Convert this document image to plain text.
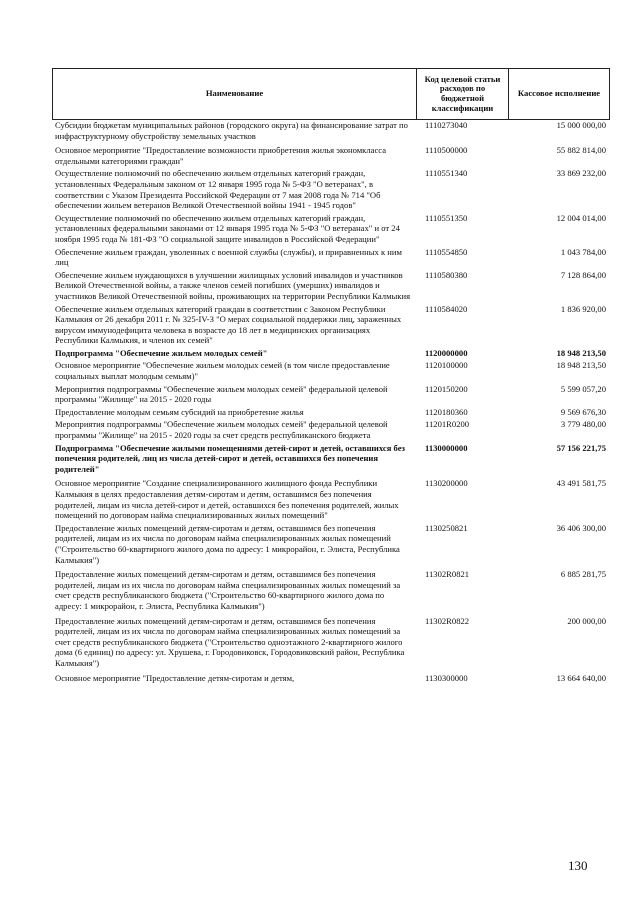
Наименование
Код целевой статьи расходов по бюджетной классификации
Кассовое исполнение
Субсидии бюджетам муниципальных районов (городского округа) на финансирование затрат по инфраструктурному обустройству земельных участков
1110273040	15 000 000,00
Основное мероприятие "Предоставление возможности приобретения жилья экономкласса отдельными категориями граждан"
1110500000	55 882 814,00
Осуществление полномочий по обеспечению жильем отдельных категорий граждан, установленных Федеральным законом от 12 января 1995 года № 5-ФЗ "О ветеранах", в соответствии с Указом Президента Российской Федерации от 7 мая 2008 года № 714 "Об обеспечении жильем ветеранов Великой Отечественной войны 1941 - 1945 годов"
1110551340	33 869 232,00
Осуществление полномочий по обеспечению жильем отдельных категорий граждан, установленных федеральными законами от 12 января 1995 года № 5-ФЗ "О ветеранах" и от 24 ноября 1995 года № 181-ФЗ "О социальной защите инвалидов в Российской Федерации"
1110551350	12 004 014,00
Обеспечение жильем граждан, уволенных с военной службы (службы), и приравненных к ним лиц
1110554850	1 043 784,00
Обеспечение жильем нуждающихся в улучшении жилищных условий инвалидов и участников Великой Отечественной войны, а также членов семей погибших (умерших) инвалидов и участников Великой Отечественной войны, проживающих на территории Республики Калмыкия
1110580380	7 128 864,00
Обеспечение жильем отдельных категорий граждан в соответствии с Законом Республики Калмыкия от 26 декабря 2011 г. № 325-IV-З "О мерах социальной поддержки лиц, зараженных вирусом иммунодефицита человека в возрасте до 18 лет в медицинских организациях Республики Калмыкия, и членов их семей"
1110584020	1 836 920,00
Подпрограмма "Обеспечение жильем молодых семей"	1120000000	18 948 213,50
Основное мероприятие "Обеспечение жильем молодых семей (в том числе предоставление социальных выплат молодым семьям)"
1120100000	18 948 213,50
Мероприятия подпрограммы "Обеспечение жильем молодых семей" федеральной целевой программы "Жилище" на 2015 - 2020 годы
1120150200	5 599 057,20
Предоставление молодым семьям субсидий на приобретение жилья	1120180360	9 569 676,30
Мероприятия подпрограммы "Обеспечение жильем молодых семей" федеральной целевой программы "Жилище" на 2015 - 2020 годы за счет средств республиканского бюджета
11201R0200	3 779 480,00
Подпрограмма "Обеспечение жилыми помещениями детей-сирот и детей, оставшихся без попечения родителей, лиц из числа детей-сирот и детей, оставшихся без попечения родителей"
1130000000	57 156 221,75
Основное мероприятие "Создание специализированного жилищного фонда Республики Калмыкия в целях предоставления детям-сиротам и детям, оставшимся без попечения родителей, лицам из числа детей-сирот и детей, оставшихся без попечения родителей, жилых помещений по договорам найма специализированных жилых помещений"
1130200000	43 491 581,75
Предоставление жилых помещений детям-сиротам и детям, оставшимся без попечения родителей, лицам из их числа по договорам найма специализированных жилых помещений ("Строительство 60-квартирного жилого дома по адресу: 1 микрорайон, г. Элиста, Республика Калмыкия")
1130250821	36 406 300,00
Предоставление жилых помещений детям-сиротам и детям, оставшимся без попечения родителей, лицам из их числа по договорам найма специализированных жилых помещений за счет средств республиканского бюджета ("Строительство 60-квартирного жилого дома по адресу: 1 микрорайон, г. Элиста, Республика Калмыкия")
11302R0821	6 885 281,75
Предоставление жилых помещений детям-сиротам и детям, оставшимся без попечения родителей, лицам из их числа по договорам найма специализированных жилых помещений за счет средств республиканского бюджета ("Строительство одноэтажного 2-квартирного жилого дома (6 единиц) по адресу: ул. Хрушева, г. Городовиковск, Городовиковский район, Республика Калмыкия")
11302R0822	200 000,00
Основное мероприятие "Предоставление детям-сиротам и детям,	1130300000	13 664 640,00
130
